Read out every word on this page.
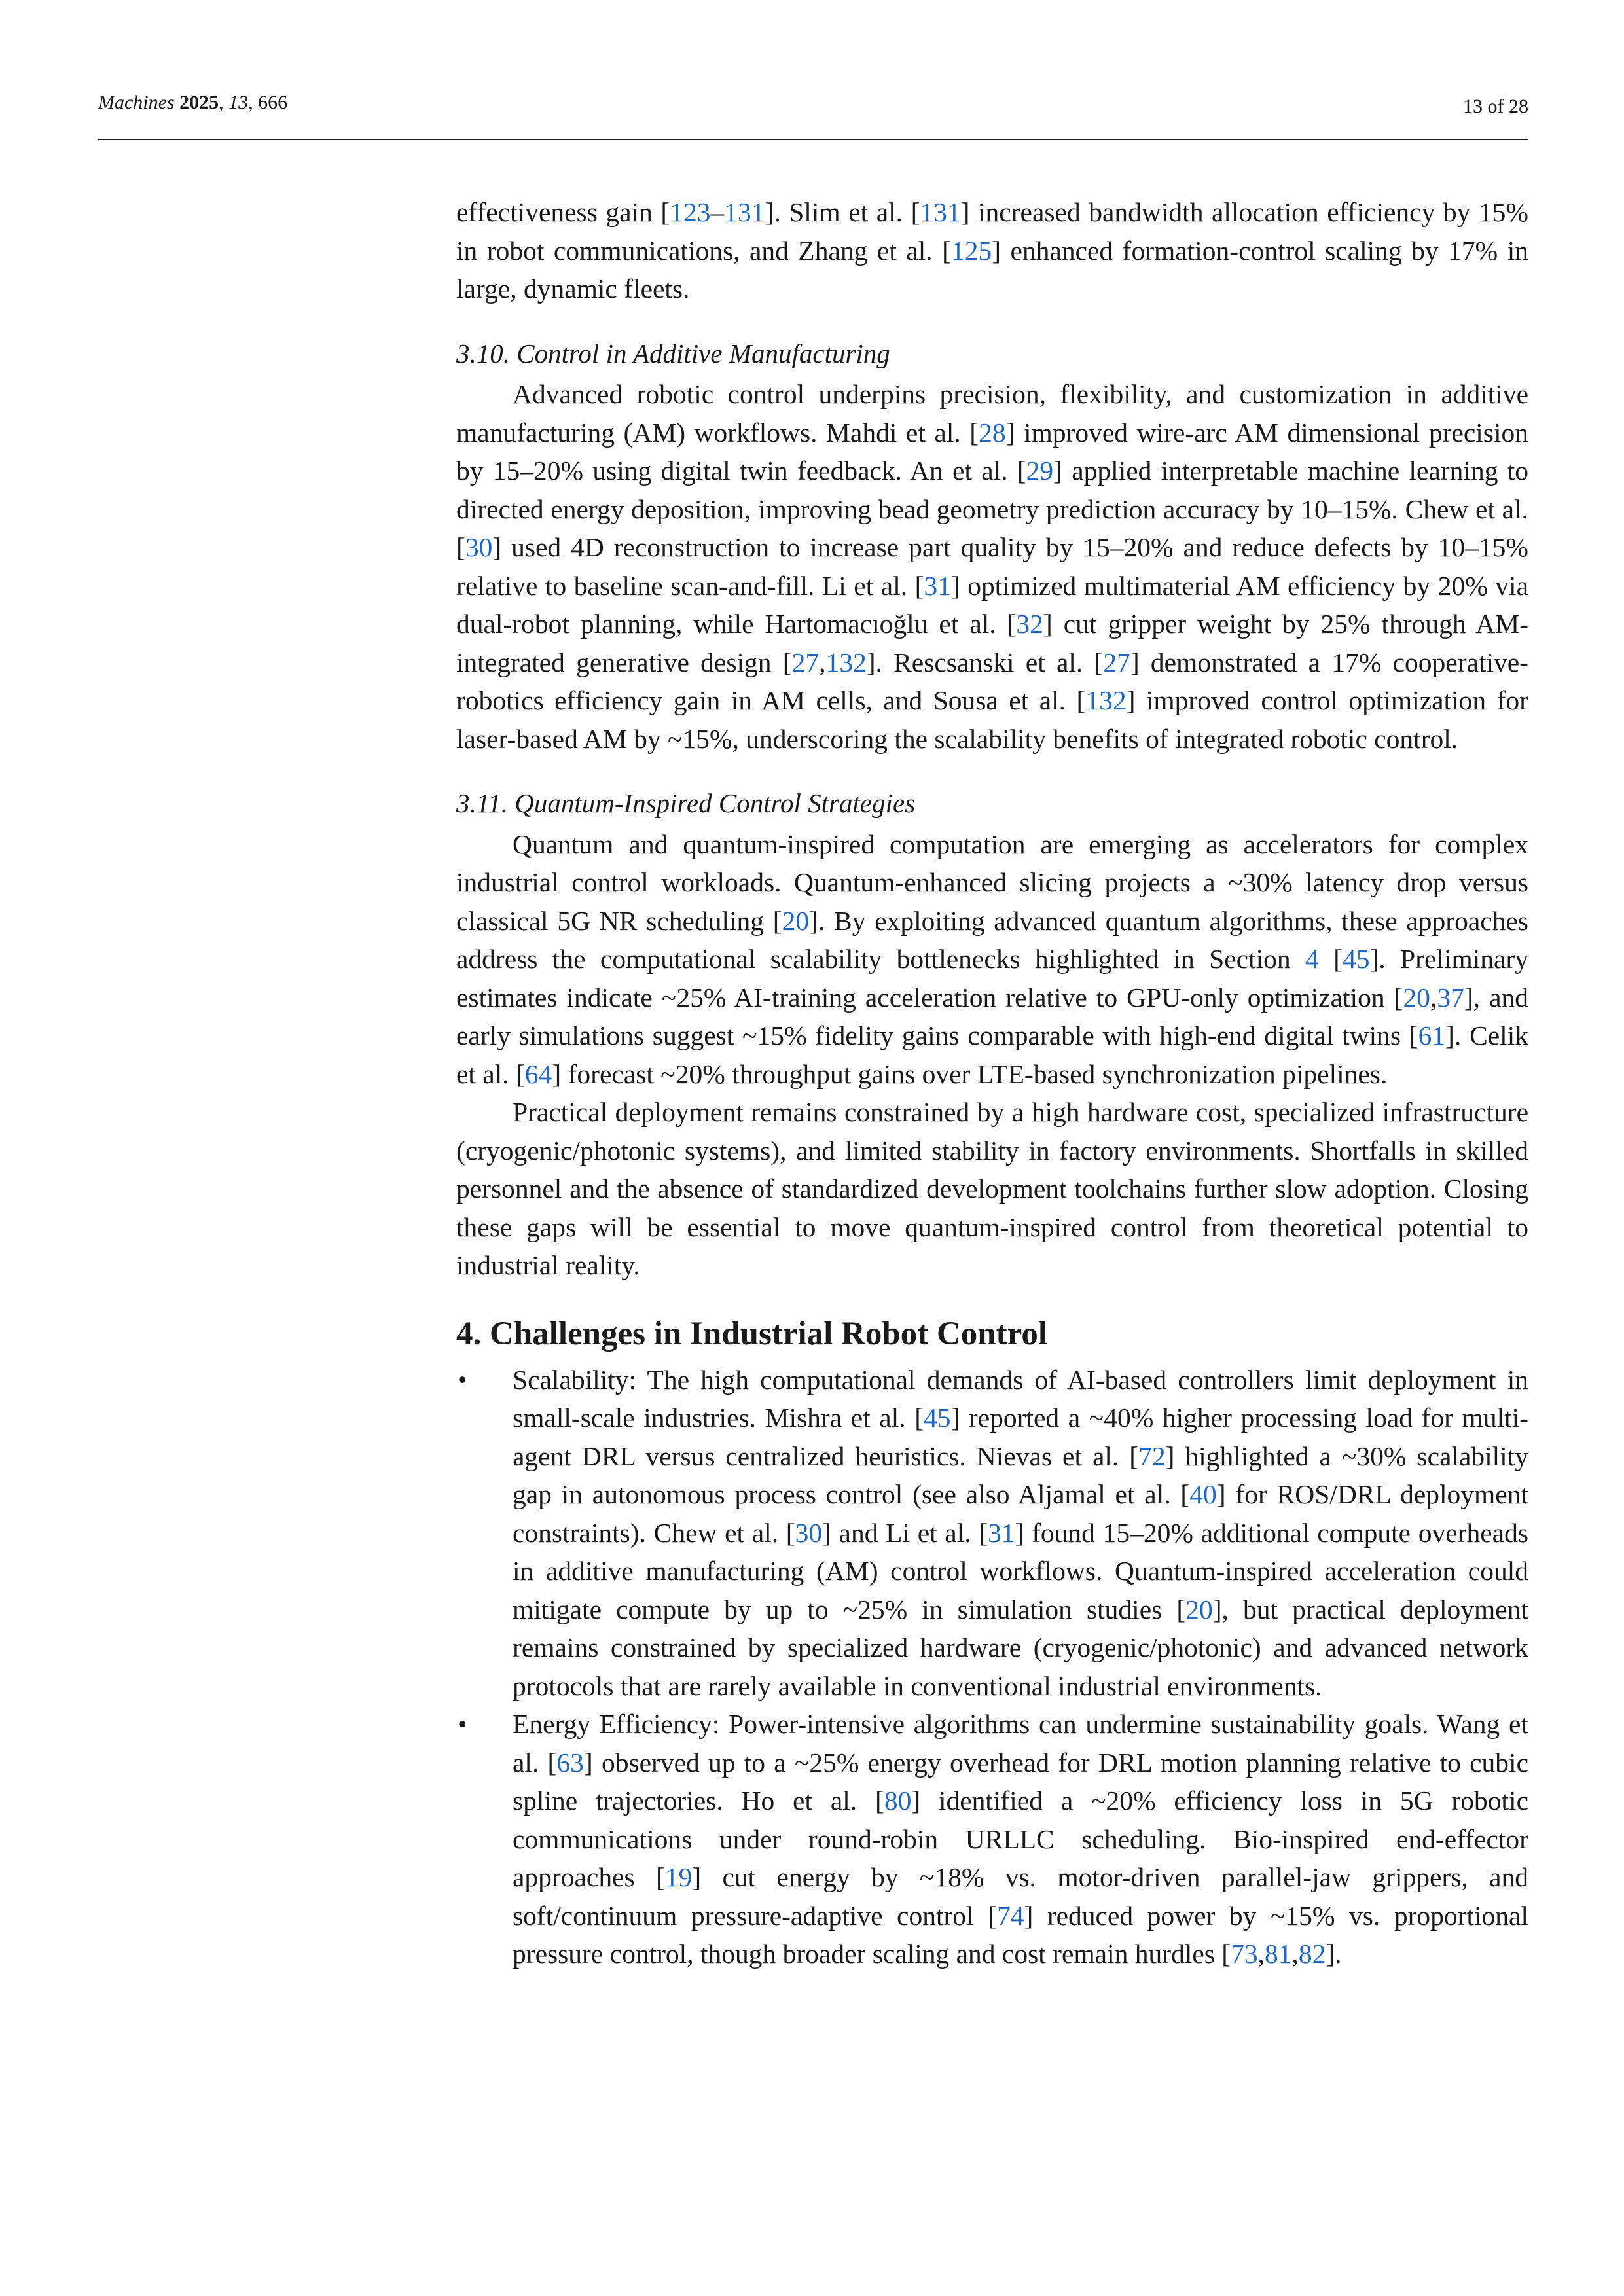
Machines 2025, 13, 666	13 of 28

effectiveness gain [123–131]. Slim et al. [131] increased bandwidth allocation efficiency by 15% in robot communications, and Zhang et al. [125] enhanced formation-control scaling by 17% in large, dynamic fleets.

3.10. Control in Additive Manufacturing

Advanced robotic control underpins precision, flexibility, and customization in additive manufacturing (AM) workflows. Mahdi et al. [28] improved wire-arc AM dimensional precision by 15–20% using digital twin feedback. An et al. [29] applied interpretable machine learning to directed energy deposition, improving bead geometry prediction accuracy by 10–15%. Chew et al. [30] used 4D reconstruction to increase part quality by 15–20% and reduce defects by 10–15% relative to baseline scan-and-fill. Li et al. [31] optimized multimaterial AM efficiency by 20% via dual-robot planning, while Hartomacıoğlu et al. [32] cut gripper weight by 25% through AM-integrated generative design [27,132]. Rescsanski et al. [27] demonstrated a 17% cooperative-robotics efficiency gain in AM cells, and Sousa et al. [132] improved control optimization for laser-based AM by ~15%, underscoring the scalability benefits of integrated robotic control.

3.11. Quantum-Inspired Control Strategies

Quantum and quantum-inspired computation are emerging as accelerators for complex industrial control workloads. Quantum-enhanced slicing projects a ~30% latency drop versus classical 5G NR scheduling [20]. By exploiting advanced quantum algorithms, these approaches address the computational scalability bottlenecks highlighted in Section 4 [45]. Preliminary estimates indicate ~25% AI-training acceleration relative to GPU-only optimization [20,37], and early simulations suggest ~15% fidelity gains comparable with high-end digital twins [61]. Celik et al. [64] forecast ~20% throughput gains over LTE-based synchronization pipelines.

Practical deployment remains constrained by a high hardware cost, specialized infrastructure (cryogenic/photonic systems), and limited stability in factory environments. Shortfalls in skilled personnel and the absence of standardized development toolchains further slow adoption. Closing these gaps will be essential to move quantum-inspired control from theoretical potential to industrial reality.

4. Challenges in Industrial Robot Control
• Scalability: The high computational demands of AI-based controllers limit deployment in small-scale industries. Mishra et al. [45] reported a ~40% higher processing load for multi-agent DRL versus centralized heuristics. Nievas et al. [72] highlighted a ~30% scalability gap in autonomous process control (see also Aljamal et al. [40] for ROS/DRL deployment constraints). Chew et al. [30] and Li et al. [31] found 15–20% additional compute overheads in additive manufacturing (AM) control workflows. Quantum-inspired acceleration could mitigate compute by up to ~25% in simulation studies [20], but practical deployment remains constrained by specialized hardware (cryogenic/photonic) and advanced network protocols that are rarely available in conventional industrial environments.
• Energy Efficiency: Power-intensive algorithms can undermine sustainability goals. Wang et al. [63] observed up to a ~25% energy overhead for DRL motion planning relative to cubic spline trajectories. Ho et al. [80] identified a ~20% efficiency loss in 5G robotic communications under round-robin URLLC scheduling. Bio-inspired end-effector approaches [19] cut energy by ~18% vs. motor-driven parallel-jaw grippers, and soft/continuum pressure-adaptive control [74] reduced power by ~15% vs. proportional pressure control, though broader scaling and cost remain hurdles [73,81,82].
